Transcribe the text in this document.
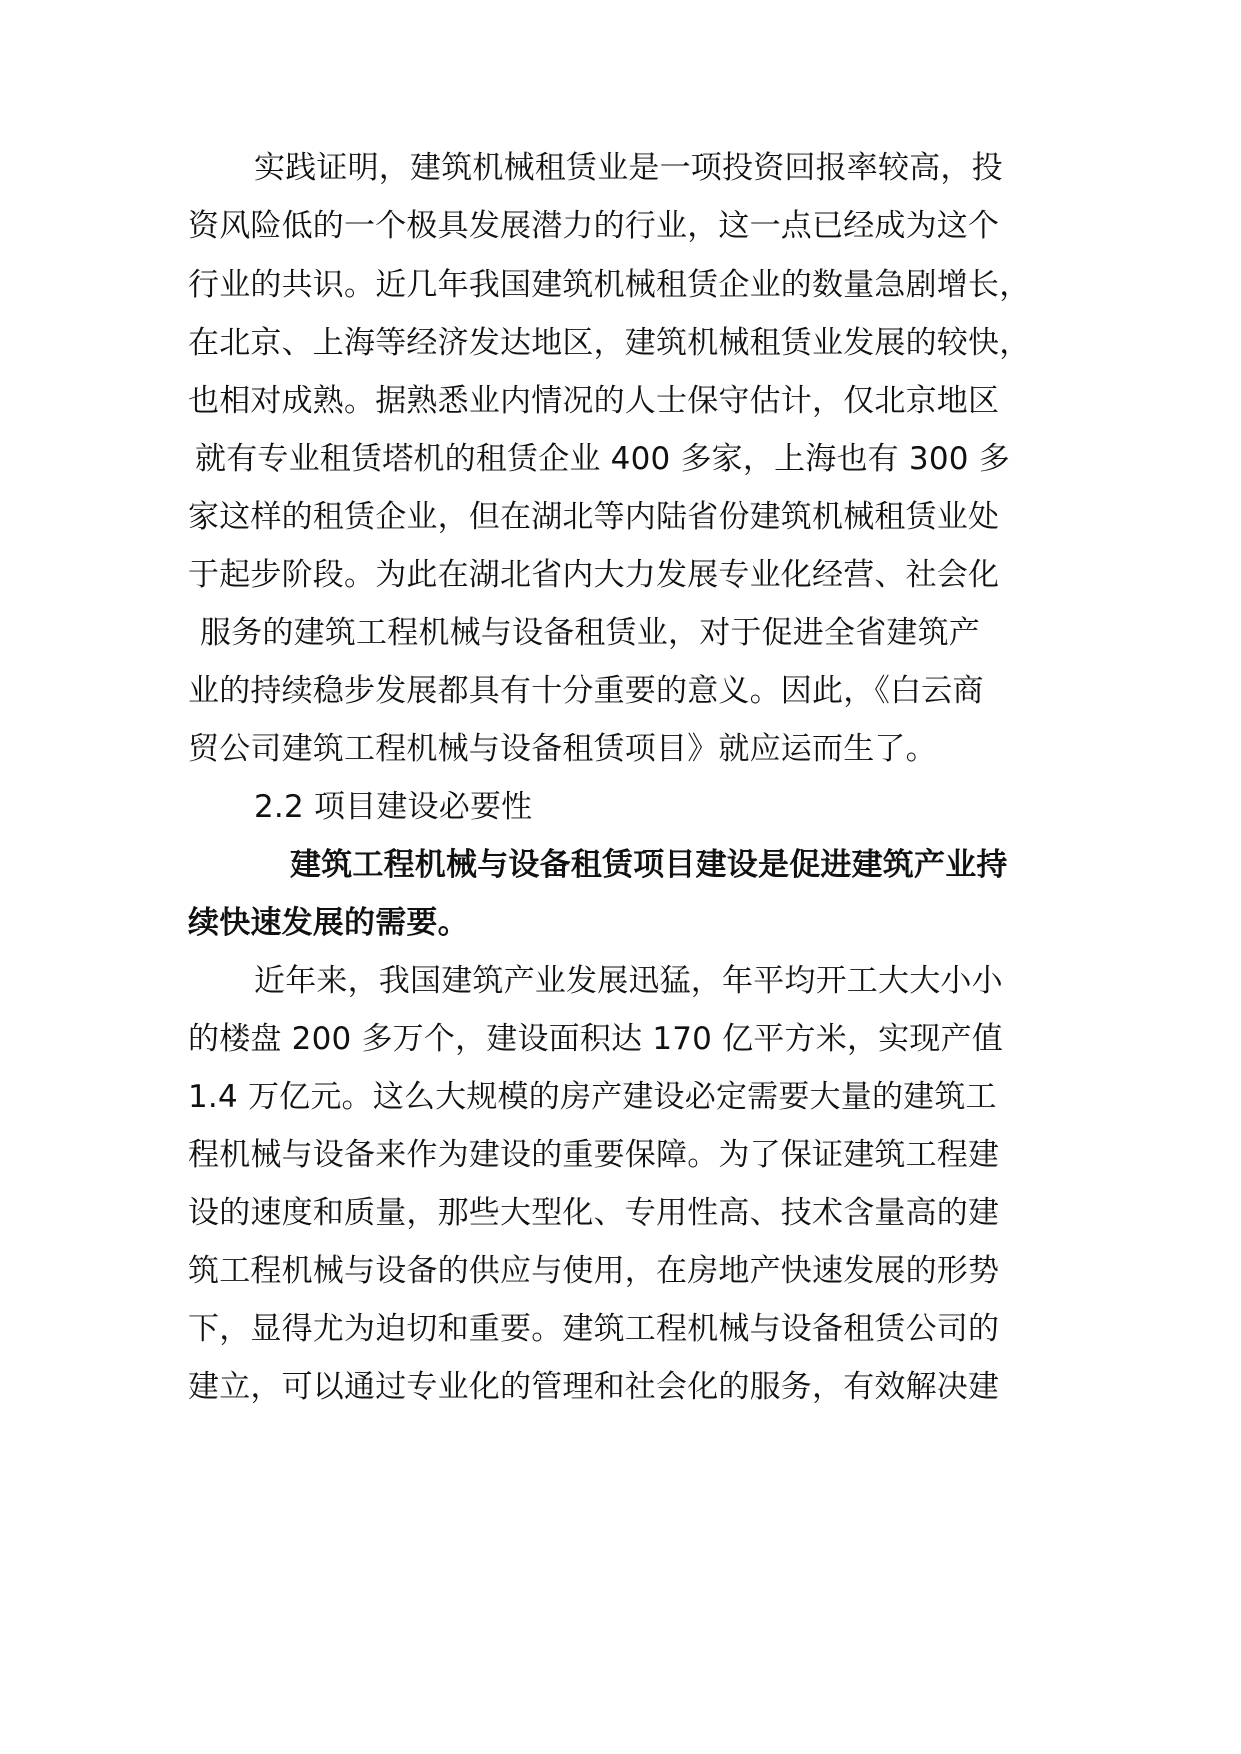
实践证明，建筑机械租赁业是一项投资回报率较高，投
资风险低的一个极具发展潜力的行业，这一点已经成为这个
行业的共识。近几年我国建筑机械租赁企业的数量急剧增长，
在北京、上海等经济发达地区，建筑机械租赁业发展的较快，
也相对成熟。据熟悉业内情况的人士保守估计，仅北京地区
就有专业租赁塔机的租赁企业 400 多家，上海也有 300 多
家这样的租赁企业，但在湖北等内陆省份建筑机械租赁业处
于起步阶段。为此在湖北省内大力发展专业化经营、社会化
服务的建筑工程机械与设备租赁业，对于促进全省建筑产
业的持续稳步发展都具有十分重要的意义。因此，《白云商
贸公司建筑工程机械与设备租赁项目》就应运而生了。
2.2 项目建设必要性
建筑工程机械与设备租赁项目建设是促进建筑产业持
续快速发展的需要。
近年来，我国建筑产业发展迅猛，年平均开工大大小小
的楼盘 200 多万个，建设面积达 170 亿平方米，实现产值
1.4 万亿元。这么大规模的房产建设必定需要大量的建筑工
程机械与设备来作为建设的重要保障。为了保证建筑工程建
设的速度和质量，那些大型化、专用性高、技术含量高的建
筑工程机械与设备的供应与使用，在房地产快速发展的形势
下，显得尤为迫切和重要。建筑工程机械与设备租赁公司的
建立，可以通过专业化的管理和社会化的服务，有效解决建
